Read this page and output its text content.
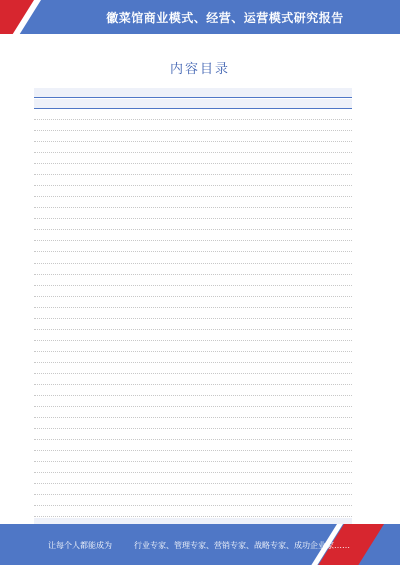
徽菜馆商业模式、经营、运营模式研究报告
内容目录
让每个人都能成为	行业专家、管理专家、营销专家、战略专家、成功企业家……
